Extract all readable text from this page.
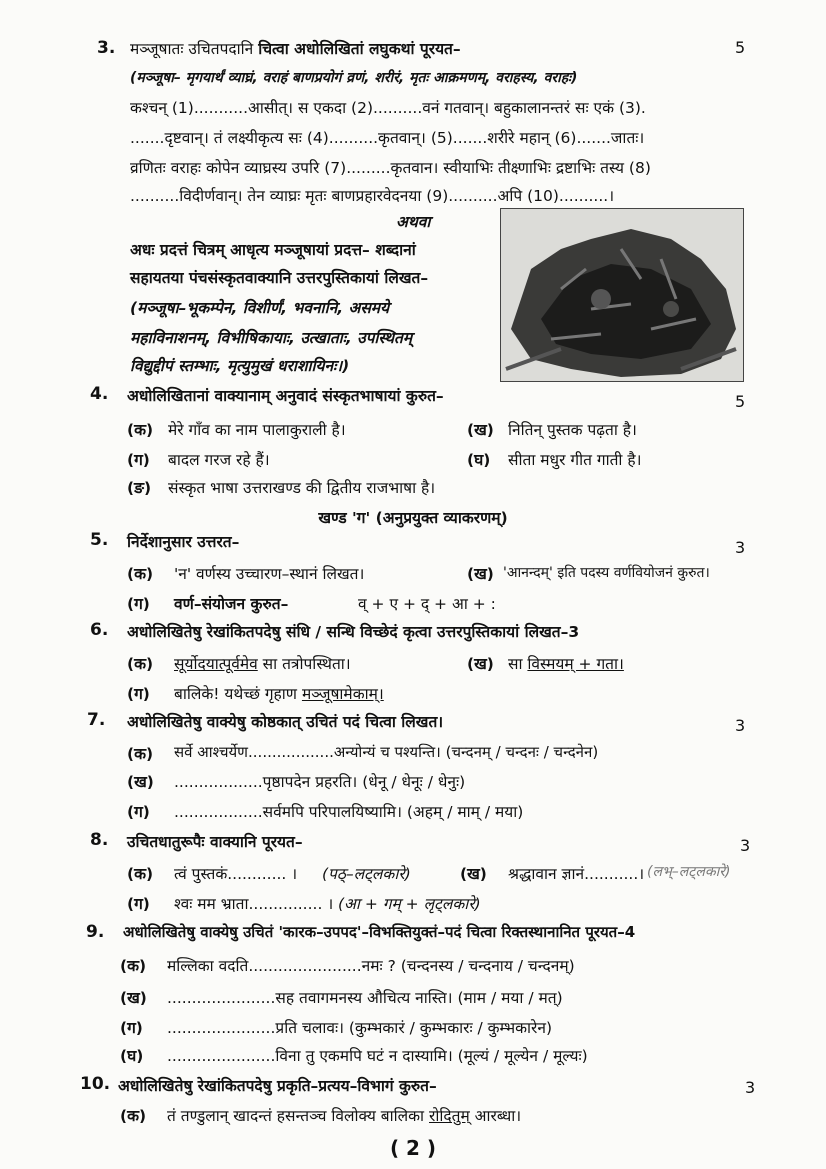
3. मञ्जूषातः उचितपदानि चित्वा अधोलिखितां लघुकथां पूरयत–	5
(मञ्जूषा– मृगयार्थं व्याघ्रं, वराहं बाणप्रयोगं व्रणं, शरीरं, मृतः आक्रमणम्, वराहस्य, वराहः)
कश्चन् (1)...........आसीत्। स एकदा (2)..........वनं गतवान्। बहुकालानन्तरं सः एकं (3).
.......दृष्टवान्। तं लक्ष्यीकृत्य सः (4)..........कृतवान्। (5).......शरीरे महान् (6).......जातः।
व्रणितः वराहः कोपेन व्याघ्रस्य उपरि (7).........कृतवान। स्वीयाभिः तीक्ष्णाभिः द्रष्टाभिः तस्य (8)
..........विदीर्णवान्। तेन व्याघ्रः मृतः बाणप्रहारवेदनया (9)..........अपि (10)..........।
अथवा
अधः प्रदत्तं चित्रम् आधृत्य मञ्जूषायां प्रदत्त– शब्दानां
सहायतया पंचसंस्कृतवाक्यानि उत्तरपुस्तिकायां लिखत–
(मञ्जूषा–भूकम्पेन, विशीर्णं, भवनानि, असमये
महाविनाशनम्, विभीषिकायाः, उत्खाताः, उपस्थितम्
विद्युद्दीपं स्तम्भाः, मृत्युमुखं धराशायिनः।)
4. अधोलिखितानां वाक्यानाम् अनुवादं संस्कृतभाषायां कुरुत–	5
(क) मेरे गाँव का नाम पालाकुराली है।	(ख) नितिन् पुस्तक पढ़ता है।
(ग) बादल गरज रहे हैं।	(घ) सीता मधुर गीत गाती है।
(ङ) संस्कृत भाषा उत्तराखण्ड की द्वितीय राजभाषा है।
खण्ड 'ग' (अनुप्रयुक्त व्याकरणम्)
5. निर्देशानुसार उत्तरत–	3
(क) 'न' वर्णस्य उच्चारण–स्थानं लिखत।	(ख) 'आनन्दम्' इति पदस्य वर्णवियोजनं कुरुत।
(ग) वर्ण–संयोजन कुरुत–	व् + ए + द् + आ + :
6. अधोलिखितेषु रेखांकितपदेषु संधि / सन्धि विच्छेदं कृत्वा उत्तरपुस्तिकायां लिखत–3
(क) सूर्योदयात्पूर्वमेव सा तत्रोपस्थिता।	(ख) सा विस्मयम् + गता।
(ग) बालिके! यथेच्छं गृहाण मञ्जूषामेकाम्।
7. अधोलिखितेषु वाक्येषु कोष्ठकात् उचितं पदं चित्वा लिखत।	3
(क) सर्वे आश्चर्येण..................अन्योन्यं च पश्यन्ति। (चन्दनम् / चन्दनः / चन्दनेन)
(ख) ..................पृष्ठापदेन प्रहरति। (धेनू / धेनूः / धेनुः)
(ग) ..................सर्वमपि परिपालयिष्यामि। (अहम् / माम् / मया)
8. उचितधातुरूपैः वाक्यानि पूरयत–	3
(क) त्वं पुस्तकं............ । (पठ्–लट्लकारे)	(ख) श्रद्धावान ज्ञानं...........। (लभ्–लट्लकारे)
(ग) श्वः मम भ्राता............... । (आ + गम् + लृट्लकारे)
9. अधोलिखितेषु वाक्येषु उचितं 'कारक–उपपद'–विभक्तियुक्तं–पदं चित्वा रिक्तस्थानानित पूरयत–4
(क) मल्लिका वदति.......................नमः ? (चन्दनस्य / चन्दनाय / चन्दनम्)
(ख) ......................सह तवागमनस्य औचित्य नास्ति। (माम / मया / मत्)
(ग) ......................प्रति चलावः। (कुम्भकारं / कुम्भकारः / कुम्भकारेन)
(घ) ......................विना तु एकमपि घटं न दास्यामि। (मूल्यं / मूल्येन / मूल्यः)
10. अधोलिखितेषु रेखांकितपदेषु प्रकृति–प्रत्यय–विभागं कुरुत–	3
(क) तं तण्डुलान् खादन्तं हसन्तञ्च विलोक्य बालिका रोदितुम् आरब्धा।
( 2 )
